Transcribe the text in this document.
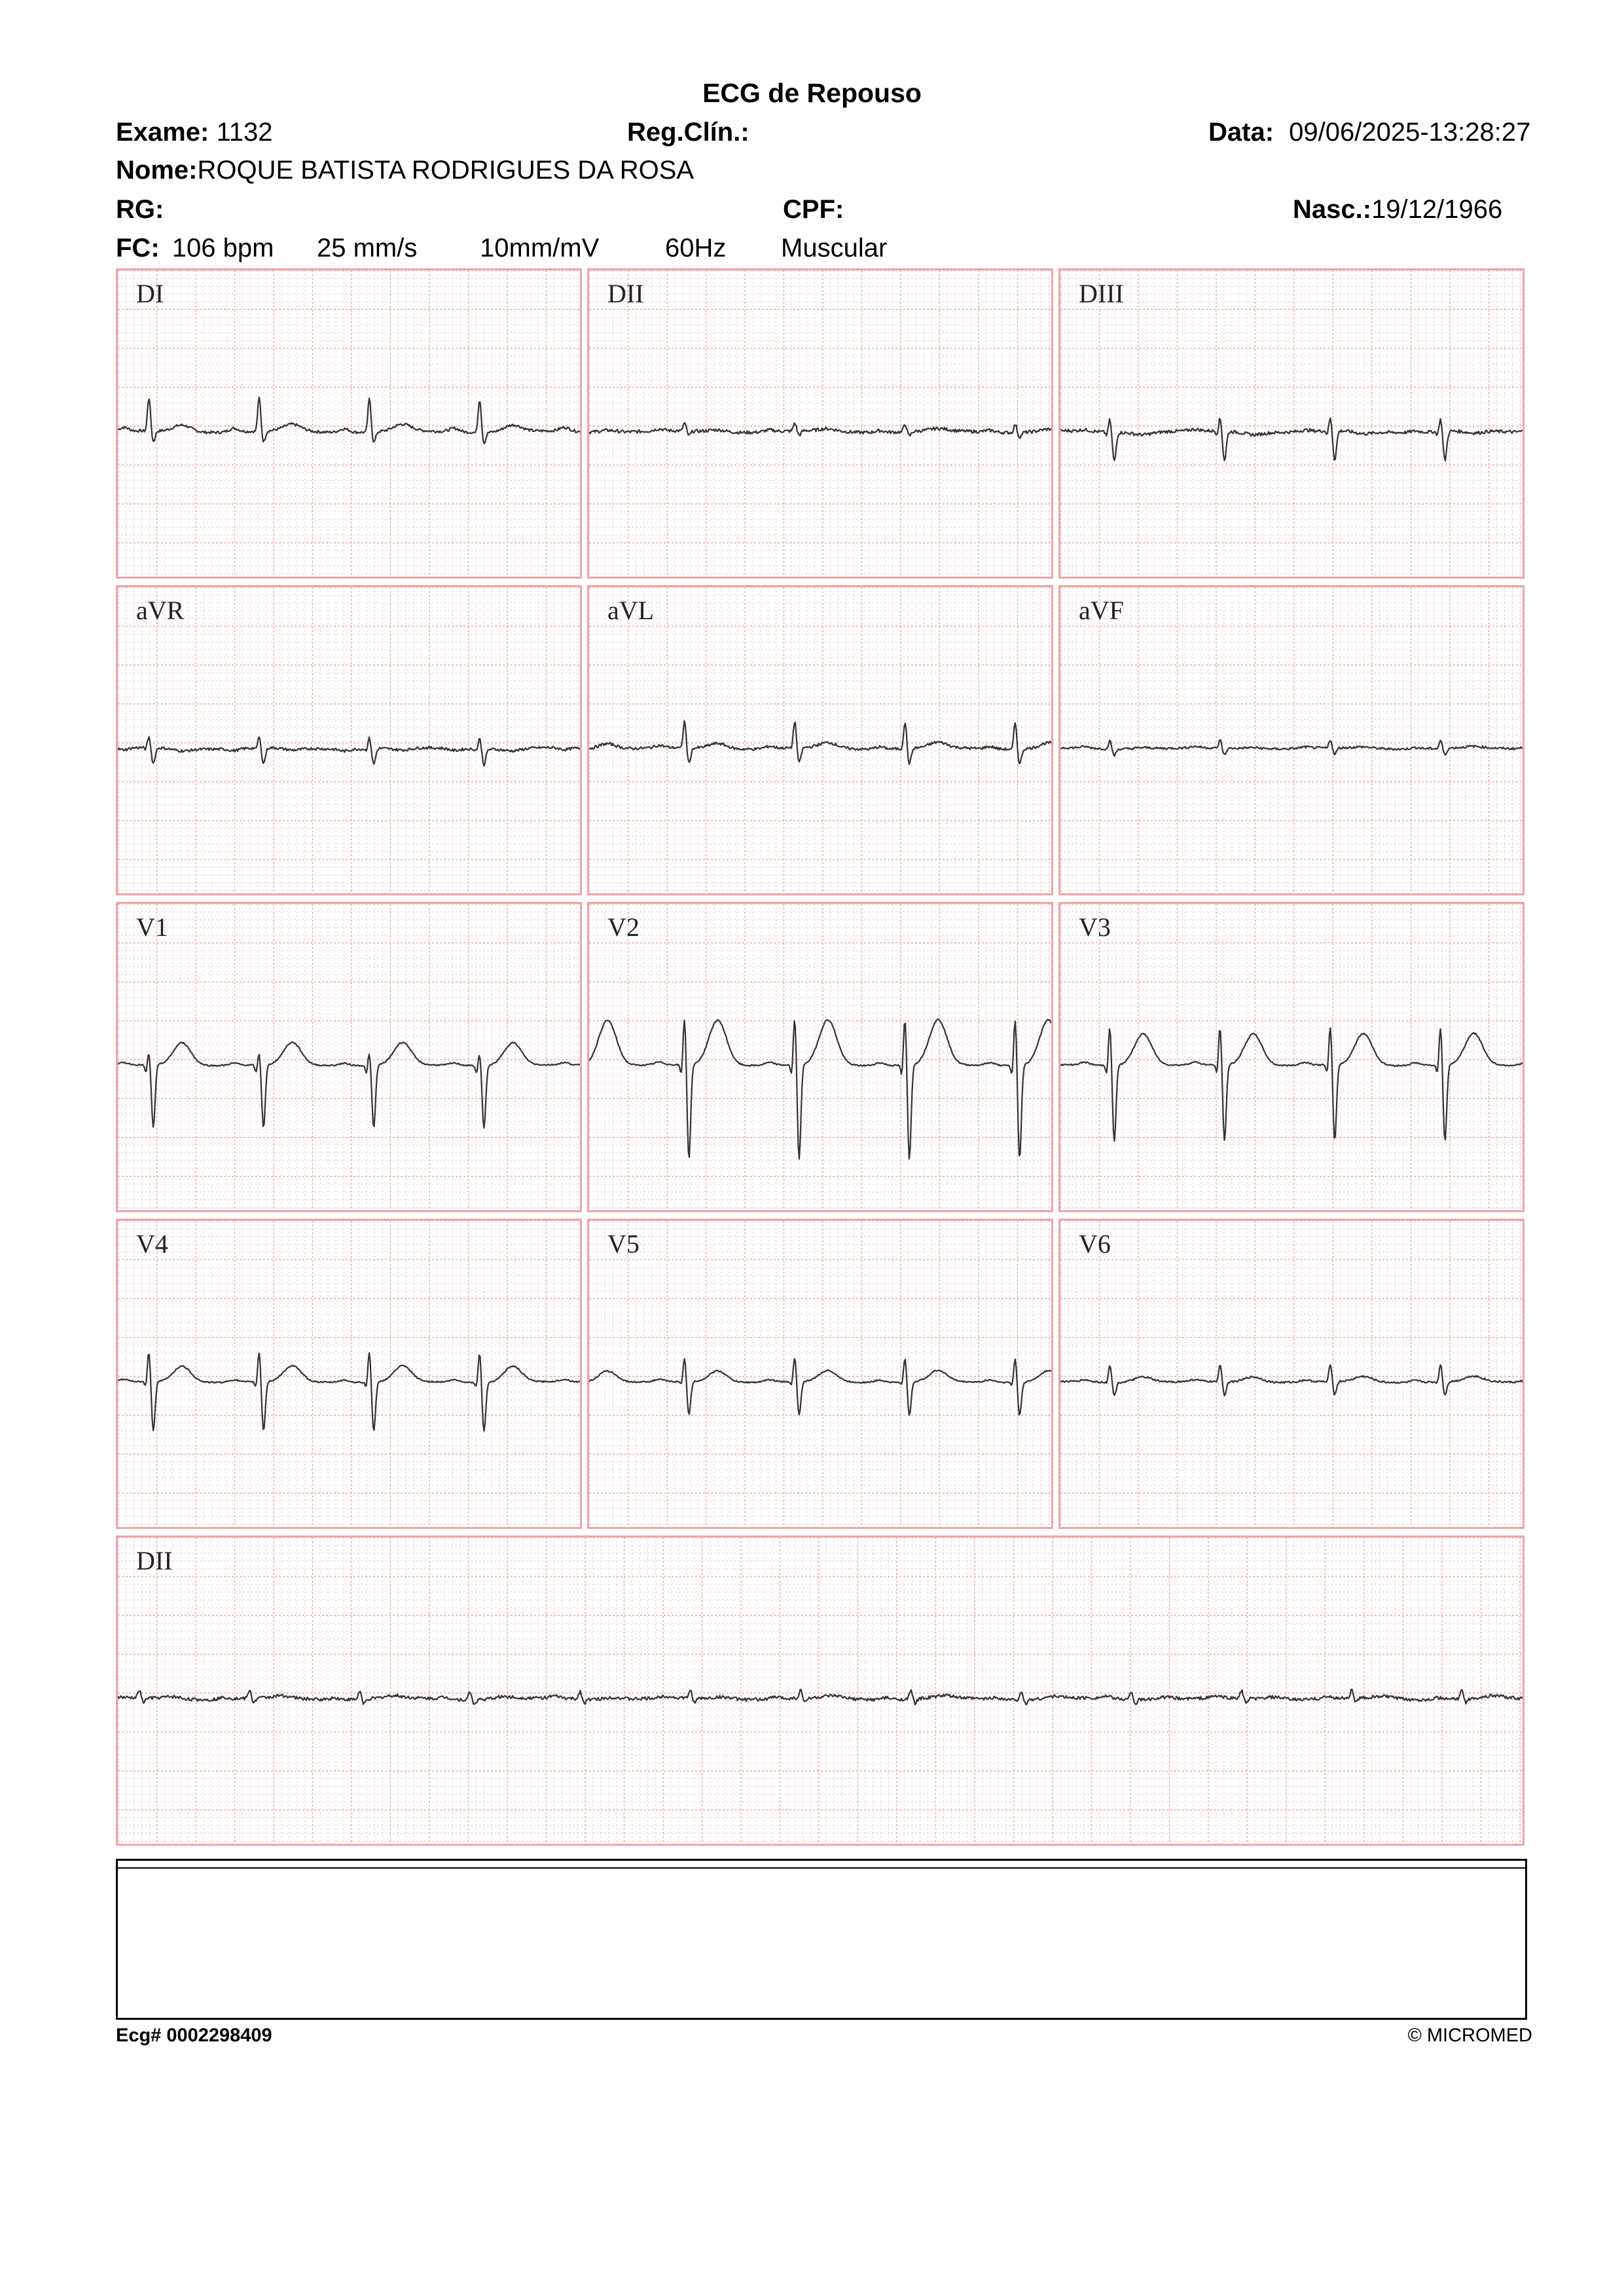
ECG de Repouso
Exame: 1132	Reg.Clín.:	Data: 09/06/2025-13:28:27
Nome:ROQUE BATISTA RODRIGUES DA ROSA
RG:	CPF:	Nasc.:19/12/1966
FC: 106 bpm 25 mm/s 10mm/mV	60Hz Muscular
DI	DII	DIII
aVR	aVL	aVF
V1	V2	V3
V4	V5	V6
DII
Ecg# 0002298409	© MICROMED
